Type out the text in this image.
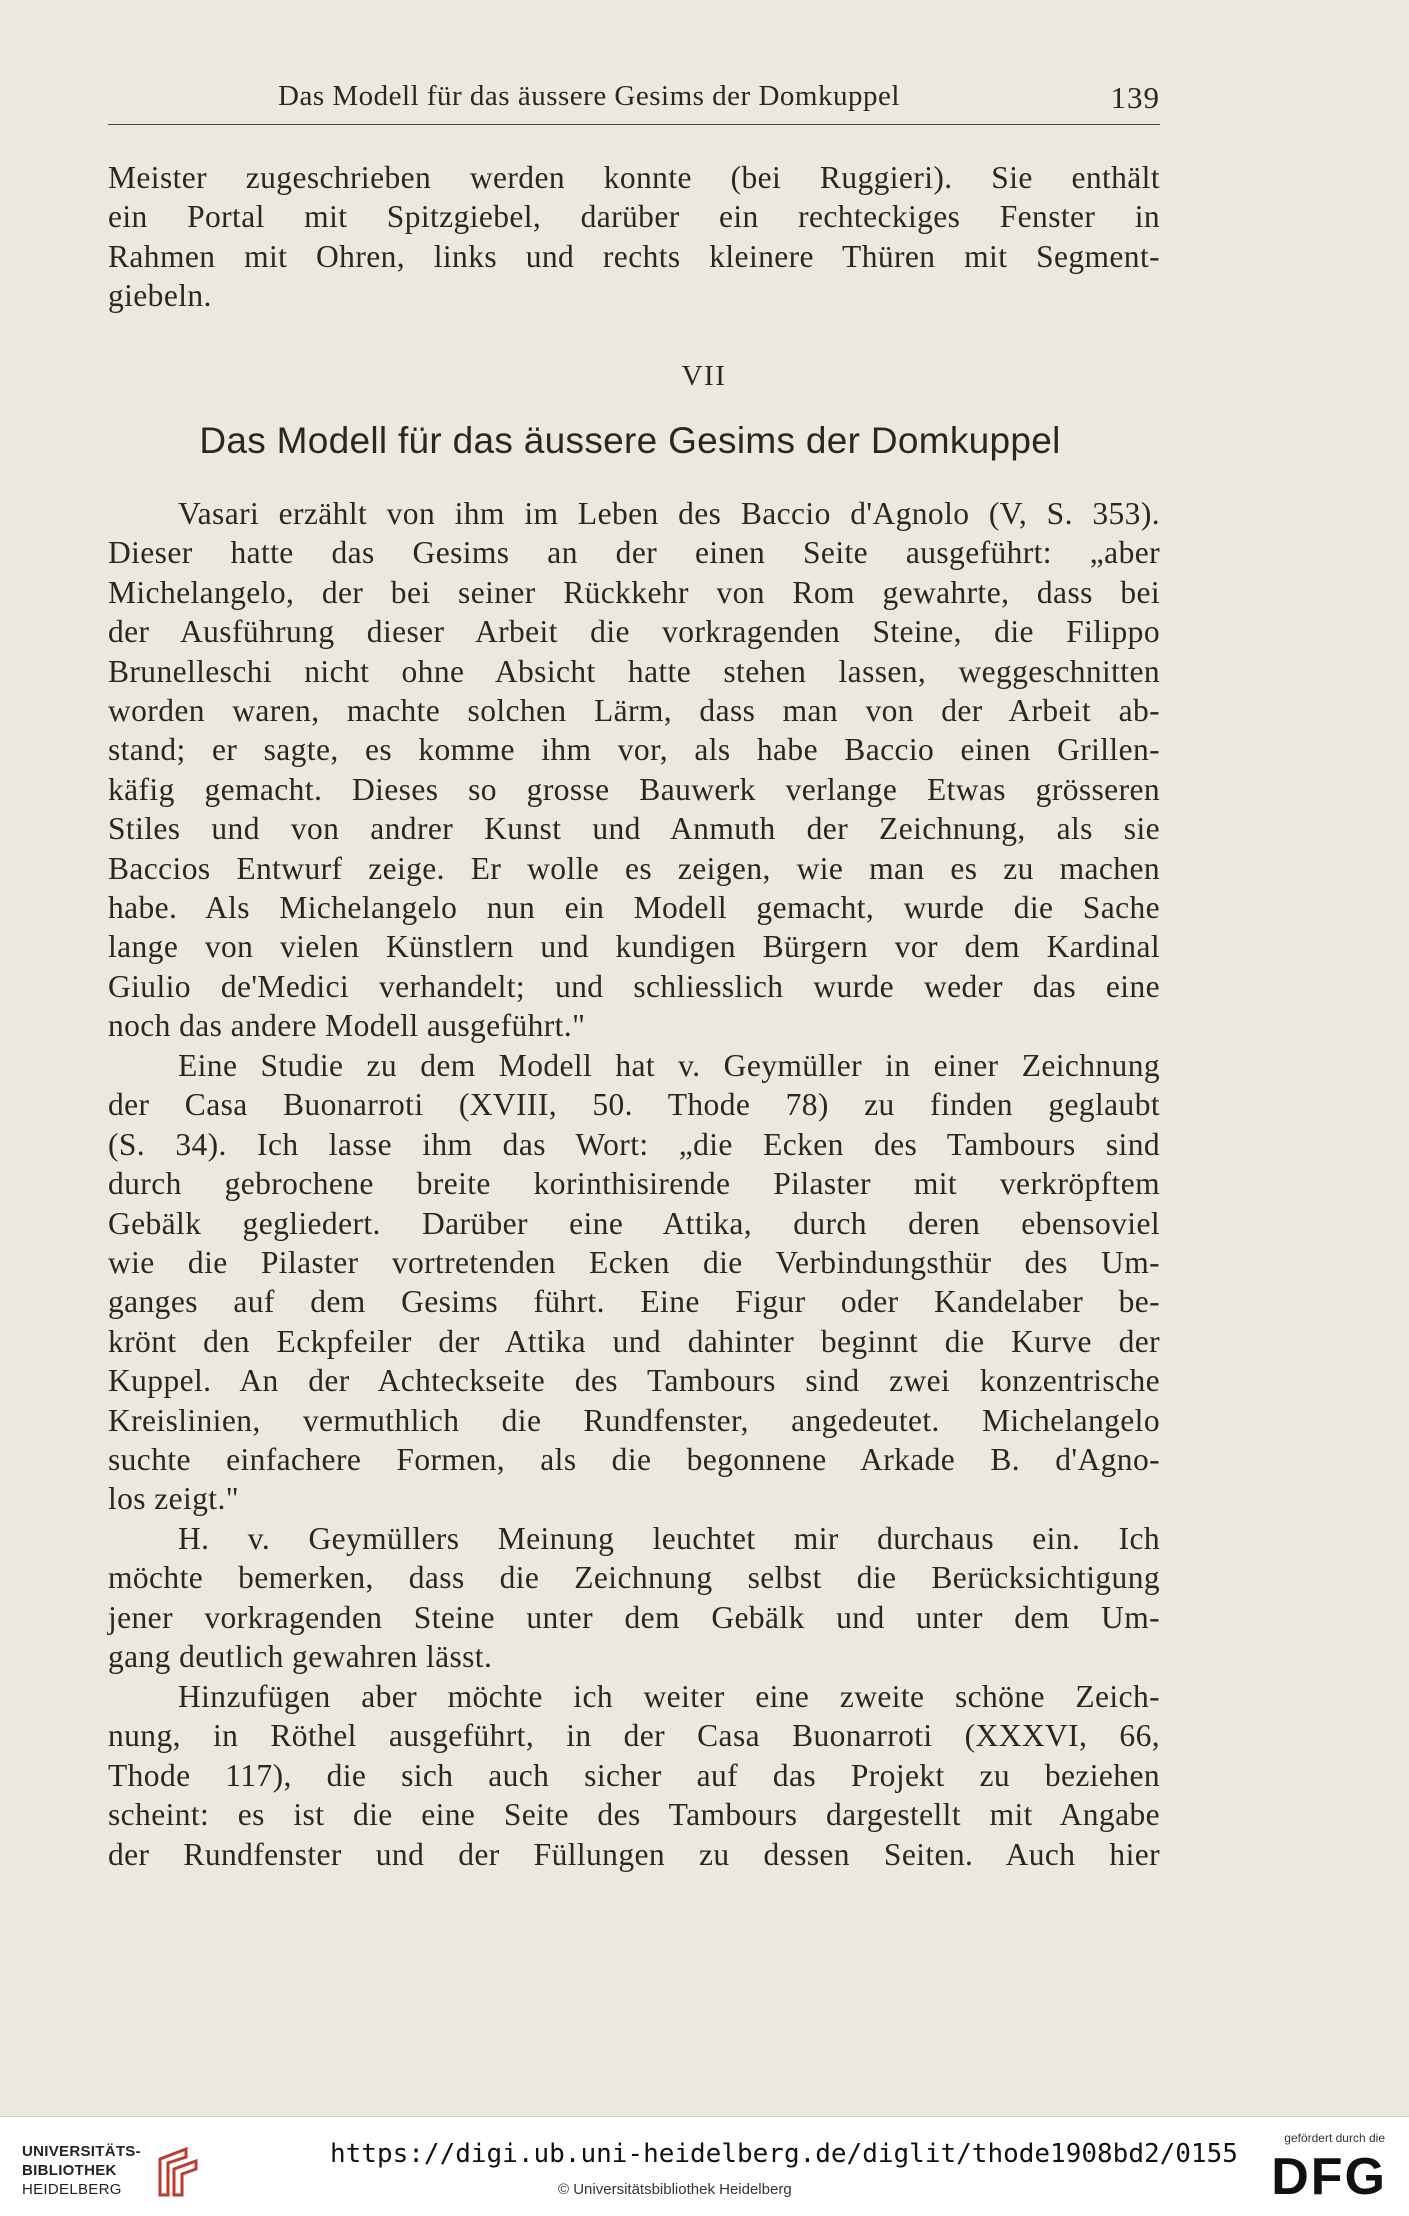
Das Modell für das äussere Gesims der Domkuppel	139
Meister zugeschrieben werden konnte (bei Ruggieri). Sie enthält
ein Portal mit Spitzgiebel, darüber ein rechteckiges Fenster in
Rahmen mit Ohren, links und rechts kleinere Thüren mit Segment-
giebeln.
VII
Das Modell für das äussere Gesims der Domkuppel
Vasari erzählt von ihm im Leben des Baccio d'Agnolo (V, S. 353).
Dieser hatte das Gesims an der einen Seite ausgeführt: „aber
Michelangelo, der bei seiner Rückkehr von Rom gewahrte, dass bei
der Ausführung dieser Arbeit die vorkragenden Steine, die Filippo
Brunelleschi nicht ohne Absicht hatte stehen lassen, weggeschnitten
worden waren, machte solchen Lärm, dass man von der Arbeit ab-
stand; er sagte, es komme ihm vor, als habe Baccio einen Grillen-
käfig gemacht. Dieses so grosse Bauwerk verlange Etwas grösseren
Stiles und von andrer Kunst und Anmuth der Zeichnung, als sie
Baccios Entwurf zeige. Er wolle es zeigen, wie man es zu machen
habe. Als Michelangelo nun ein Modell gemacht, wurde die Sache
lange von vielen Künstlern und kundigen Bürgern vor dem Kardinal
Giulio de'Medici verhandelt; und schliesslich wurde weder das eine
noch das andere Modell ausgeführt."
Eine Studie zu dem Modell hat v. Geymüller in einer Zeichnung
der Casa Buonarroti (XVIII, 50. Thode 78) zu finden geglaubt
(S. 34). Ich lasse ihm das Wort: „die Ecken des Tambours sind
durch gebrochene breite korinthisirende Pilaster mit verkröpftem
Gebälk gegliedert. Darüber eine Attika, durch deren ebensoviel
wie die Pilaster vortretenden Ecken die Verbindungsthür des Um-
ganges auf dem Gesims führt. Eine Figur oder Kandelaber be-
krönt den Eckpfeiler der Attika und dahinter beginnt die Kurve der
Kuppel. An der Achteckseite des Tambours sind zwei konzentrische
Kreislinien, vermuthlich die Rundfenster, angedeutet. Michelangelo
suchte einfachere Formen, als die begonnene Arkade B. d'Agno-
los zeigt."
H. v. Geymüllers Meinung leuchtet mir durchaus ein. Ich
möchte bemerken, dass die Zeichnung selbst die Berücksichtigung
jener vorkragenden Steine unter dem Gebälk und unter dem Um-
gang deutlich gewahren lässt.
Hinzufügen aber möchte ich weiter eine zweite schöne Zeich-
nung, in Röthel ausgeführt, in der Casa Buonarroti (XXXVI, 66,
Thode 117), die sich auch sicher auf das Projekt zu beziehen
scheint: es ist die eine Seite des Tambours dargestellt mit Angabe
der Rundfenster und der Füllungen zu dessen Seiten. Auch hier
UNIVERSITÄTS-
BIBLIOTHEK
HEIDELBERG
https://digi.ub.uni-heidelberg.de/diglit/thode1908bd2/0155
© Universitätsbibliothek Heidelberg
gefördert durch die
DFG
